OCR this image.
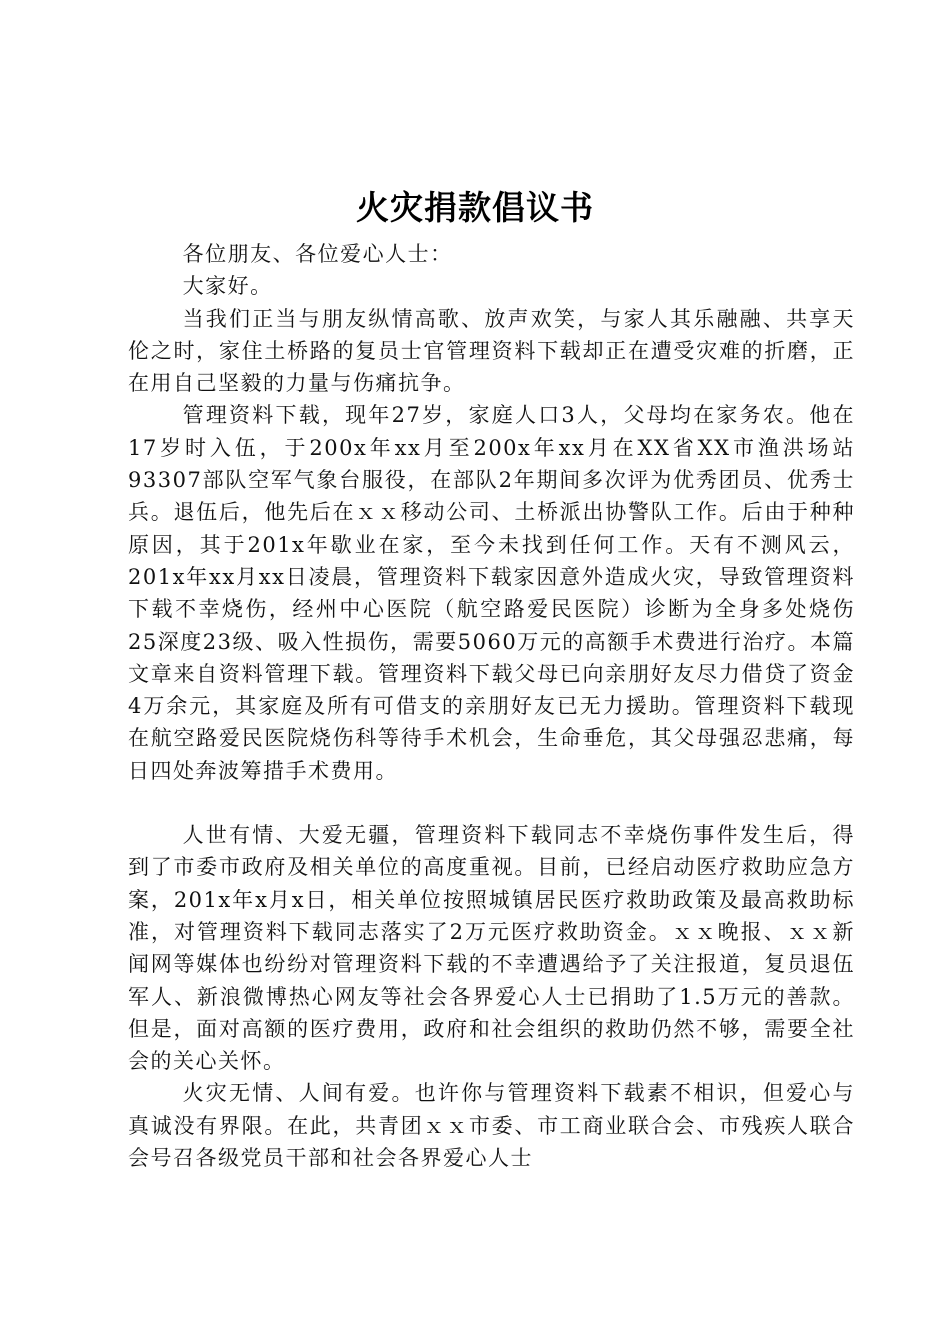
火灾捐款倡议书

各位朋友、各位爱心人士：

大家好。

当我们正当与朋友纵情高歌、放声欢笑，与家人其乐融融、共享天伦之时，家住土桥路的复员士官管理资料下载却正在遭受灾难的折磨，正在用自己坚毅的力量与伤痛抗争。

管理资料下载，现年27岁，家庭人口3人，父母均在家务农。他在17岁时入伍，于200x年xx月至200x年xx月在XX省XX市渔洪场站93307部队空军气象台服役，在部队2年期间多次评为优秀团员、优秀士兵。退伍后，他先后在ｘｘ移动公司、土桥派出协警队工作。后由于种种原因，其于201x年歇业在家，至今未找到任何工作。天有不测风云，201x年xx月xx日凌晨，管理资料下载家因意外造成火灾，导致管理资料下载不幸烧伤，经州中心医院（航空路爱民医院）诊断为全身多处烧伤25深度23级、吸入性损伤，需要5060万元的高额手术费进行治疗。本篇文章来自资料管理下载。管理资料下载父母已向亲朋好友尽力借贷了资金4万余元，其家庭及所有可借支的亲朋好友已无力援助。管理资料下载现在航空路爱民医院烧伤科等待手术机会，生命垂危，其父母强忍悲痛，每日四处奔波筹措手术费用。

人世有情、大爱无疆，管理资料下载同志不幸烧伤事件发生后，得到了市委市政府及相关单位的高度重视。目前，已经启动医疗救助应急方案，201x年x月x日，相关单位按照城镇居民医疗救助政策及最高救助标准，对管理资料下载同志落实了2万元医疗救助资金。ｘｘ晚报、ｘｘ新闻网等媒体也纷纷对管理资料下载的不幸遭遇给予了关注报道，复员退伍军人、新浪微博热心网友等社会各界爱心人士已捐助了1.5万元的善款。但是，面对高额的医疗费用，政府和社会组织的救助仍然不够，需要全社会的关心关怀。

火灾无情、人间有爱。也许你与管理资料下载素不相识，但爱心与真诚没有界限。在此，共青团ｘｘ市委、市工商业联合会、市残疾人联合会号召各级党员干部和社会各界爱心人士
